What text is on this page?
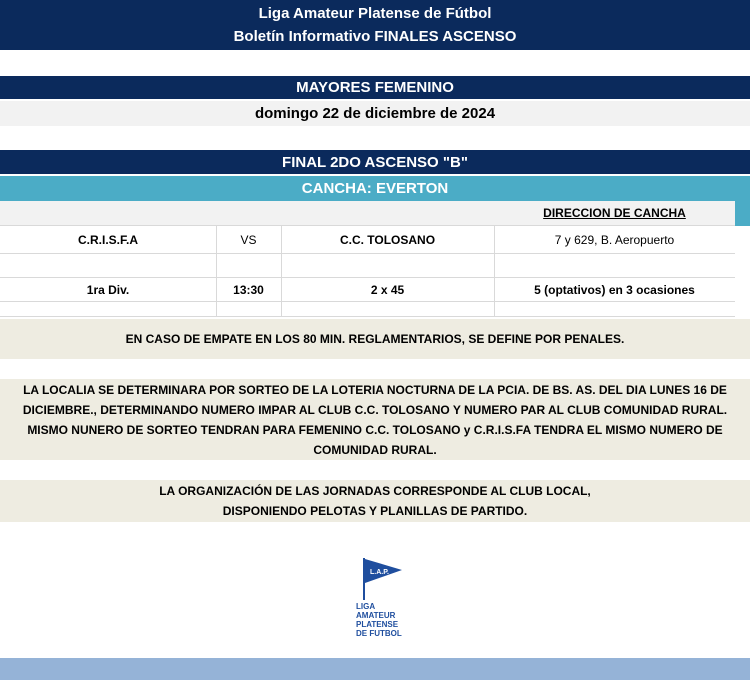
Liga Amateur Platense de Fútbol
Boletín Informativo FINALES ASCENSO
MAYORES FEMENINO
domingo 22 de diciembre de 2024
FINAL 2DO ASCENSO "B"
CANCHA: EVERTON
DIRECCION DE CANCHA
C.R.I.S.F.A	VS	C.C. TOLOSANO	7 y 629, B. Aeropuerto
1ra Div.	13:30	2 x 45	5 (optativos) en 3 ocasiones
EN CASO DE EMPATE EN LOS 80 MIN. REGLAMENTARIOS, SE DEFINE POR PENALES.
LA LOCALIA SE DETERMINARA POR SORTEO DE LA LOTERIA NOCTURNA DE LA PCIA. DE BS. AS. DEL DIA LUNES 16 DE
DICIEMBRE., DETERMINANDO NUMERO IMPAR AL CLUB C.C. TOLOSANO Y NUMERO PAR AL CLUB COMUNIDAD RURAL.
MISMO NUNERO DE SORTEO TENDRAN PARA FEMENINO C.C. TOLOSANO y C.R.I.S.FA TENDRA EL MISMO NUMERO DE
COMUNIDAD RURAL.
LA ORGANIZACIÓN DE LAS JORNADAS CORRESPONDE AL CLUB LOCAL,
DISPONIENDO PELOTAS Y PLANILLAS DE PARTIDO.
L.A.P.
LIGA
AMATEUR
PLATENSE
DE FUTBOL
